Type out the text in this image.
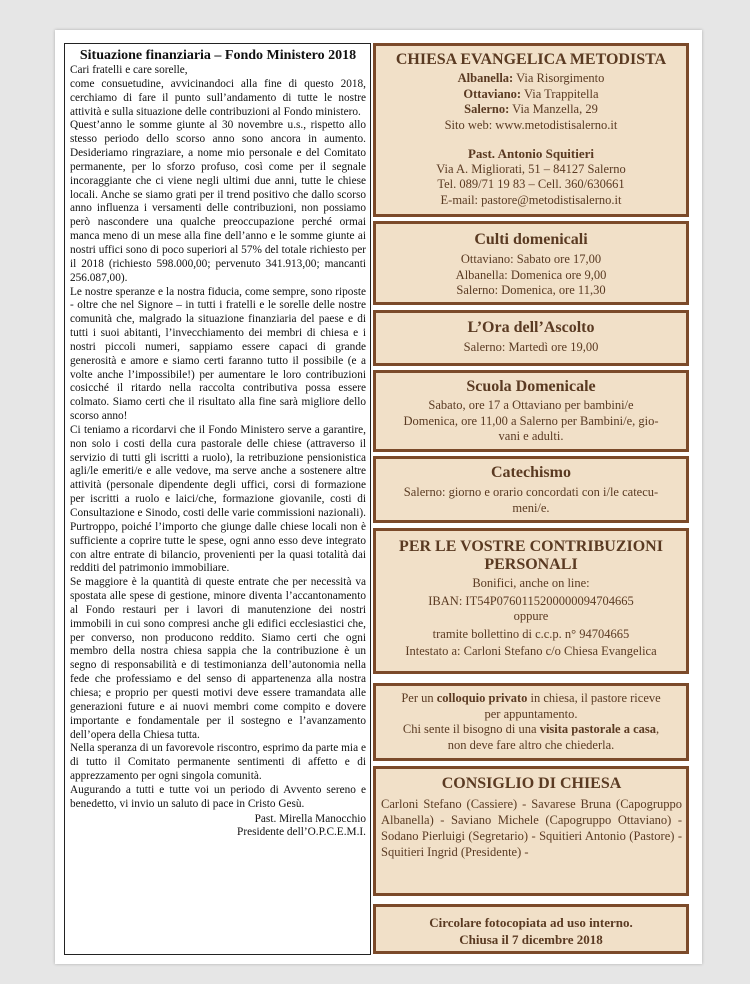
Situazione finanziaria – Fondo Ministero 2018

Cari fratelli e care sorelle,

come consuetudine, avvicinandoci alla fine di questo 2018, cerchiamo di fare il punto sull’andamento di tutte le nostre attività e sulla situazione delle contribuzioni al Fondo ministero.

Quest’anno le somme giunte al 30 novembre u.s., rispetto allo stesso periodo dello scorso anno sono ancora in aumento. Desideriamo ringraziare, a nome mio personale e del Comitato permanente, per lo sforzo profuso, così come per il segnale incoraggiante che ci viene negli ultimi due anni, tutte le chiese locali. Anche se siamo grati per il trend positivo che dallo scorso anno influenza i versamenti delle contribuzioni, non possiamo però nascondere una qualche preoccupazione perché ormai manca meno di un mese alla fine dell’anno e le somme giunte ai nostri uffici sono di poco superiori al 57% del totale richiesto per il 2018 (richiesto 598.000,00; pervenuto 341.913,00; mancanti 256.087,00).

Le nostre speranze e la nostra fiducia, come sempre, sono riposte - oltre che nel Signore – in tutti i fratelli e le sorelle delle nostre comunità che, malgrado la situazione finanziaria del paese e di tutti i suoi abitanti, l’invecchiamento dei membri di chiesa e i nostri piccoli numeri, sappiamo essere capaci di grande generosità e amore e siamo certi faranno tutto il possibile (e a volte anche l’impossibile!) per aumentare le loro contribuzioni cosicché il ritardo nella raccolta contributiva possa essere colmato. Siamo certi che il risultato alla fine sarà migliore dello scorso anno!

Ci teniamo a ricordarvi che il Fondo Ministero serve a garantire, non solo i costi della cura pastorale delle chiese (attraverso il servizio di tutti gli iscritti a ruolo), la retribuzione pensionistica agli/le emeriti/e e alle vedove, ma serve anche a sostenere altre attività (personale dipendente degli uffici, corsi di formazione per iscritti a ruolo e laici/che, formazione giovanile, costi di Consultazione e Sinodo, costi delle varie commissioni nazionali). Purtroppo, poiché l’importo che giunge dalle chiese locali non è sufficiente a coprire tutte le spese, ogni anno esso deve integrato con altre entrate di bilancio, provenienti per la quasi totalità dai redditi del patrimonio immobiliare.

Se maggiore è la quantità di queste entrate che per necessità va spostata alle spese di gestione, minore diventa l’accantonamento al Fondo restauri per i lavori di manutenzione dei nostri immobili in cui sono compresi anche gli edifici ecclesiastici che, per converso, non producono reddito. Siamo certi che ogni membro della nostra chiesa sappia che la contribuzione è un segno di responsabilità e di testimonianza dell’autonomia nella fede che professiamo e del senso di appartenenza alla nostra chiesa; e proprio per questi motivi deve essere tramandata alle generazioni future e ai nuovi membri come compito e dovere importante e fondamentale per il sostegno e l’avanzamento dell’opera della Chiesa tutta.

Nella speranza di un favorevole riscontro, esprimo da parte mia e di tutto il Comitato permanente sentimenti di affetto e di apprezzamento per ogni singola comunità.

Augurando a tutti e tutte voi un periodo di Avvento sereno e benedetto, vi invio un saluto di pace in Cristo Gesù.

Past. Mirella Manocchio
Presidente dell’O.P.C.E.M.I.
CHIESA EVANGELICA METODISTA
Albanella: Via Risorgimento
Ottaviano: Via Trappitella
Salerno: Via Manzella, 29
Sito web: www.metodistisalerno.it
Past. Antonio Squitieri
Via A. Migliorati, 51 – 84127 Salerno
Tel. 089/71 19 83 – Cell. 360/630661
E-mail: pastore@metodistisalerno.it
Culti domenicali
Ottaviano: Sabato ore 17,00
Albanella: Domenica ore 9,00
Salerno: Domenica, ore 11,30
L’Ora dell’Ascolto
Salerno: Martedì ore 19,00
Scuola Domenicale
Sabato, ore 17 a Ottaviano per bambini/e
Domenica, ore 11,00 a Salerno per Bambini/e, gio-
vani e adulti.
Catechismo
Salerno: giorno e orario concordati con i/le catecu-
meni/e.
PER LE VOSTRE CONTRIBUZIONI
PERSONALI
Bonifici, anche on line:
IBAN: IT54P0760115200000094704665
oppure
tramite bollettino di c.c.p. n° 94704665
Intestato a: Carloni Stefano c/o Chiesa Evangelica
Per un colloquio privato in chiesa, il pastore riceve
per appuntamento.
Chi sente il bisogno di una visita pastorale a casa,
non deve fare altro che chiederla.
CONSIGLIO DI CHIESA
Carloni Stefano (Cassiere) - Savarese Bruna (Capogruppo Albanella) - Saviano Michele (Capogruppo Ottaviano) - Sodano Pierluigi (Segretario) - Squitieri Antonio (Pastore) - Squitieri Ingrid (Presidente) -
Circolare fotocopiata ad uso interno.
Chiusa il 7 dicembre 2018
